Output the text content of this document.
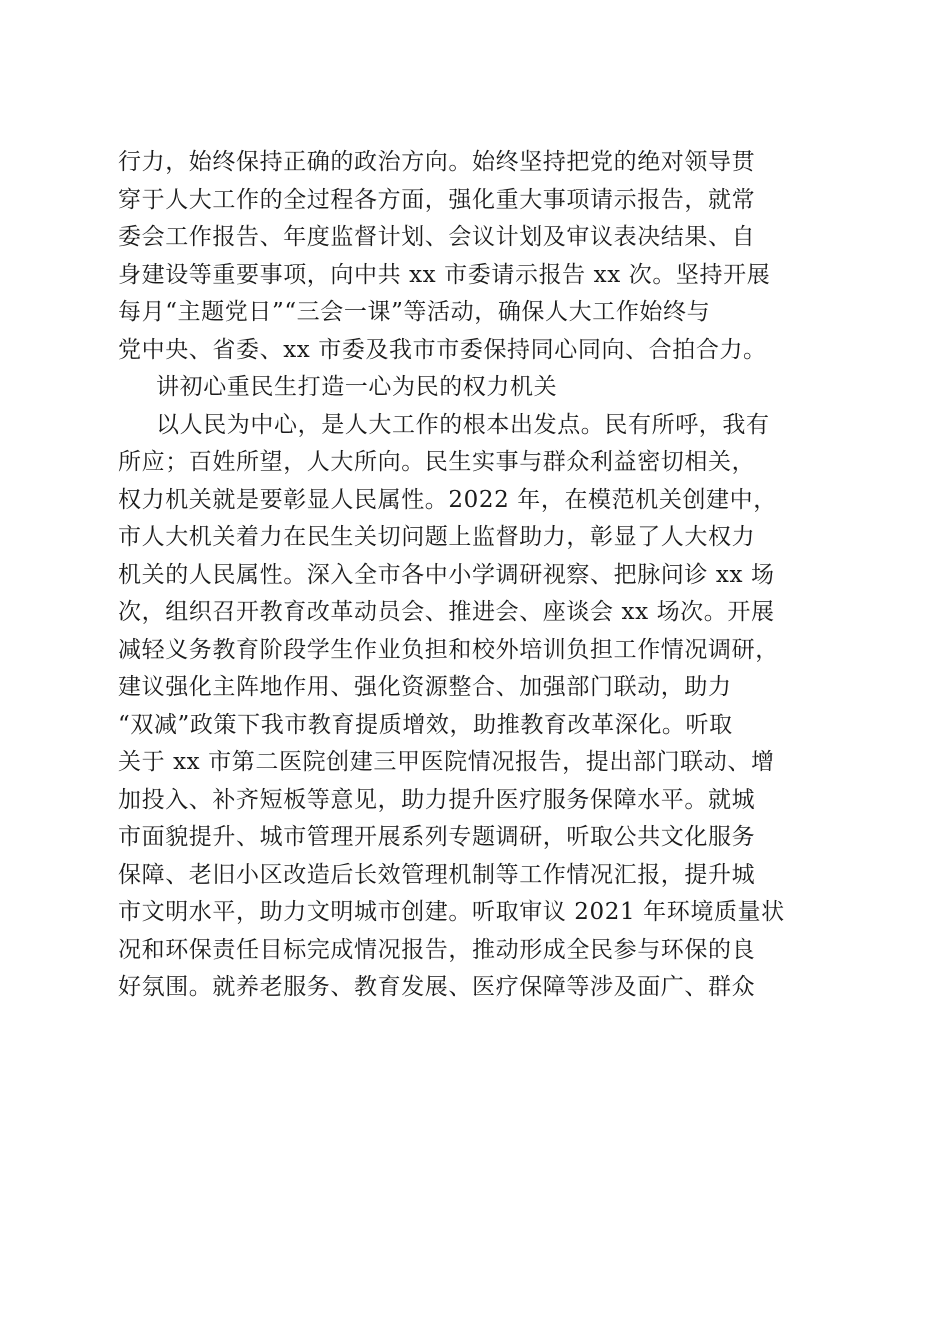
行力，始终保持正确的政治方向。始终坚持把党的绝对领导贯
穿于人大工作的全过程各方面，强化重大事项请示报告，就常
委会工作报告、年度监督计划、会议计划及审议表决结果、自
身建设等重要事项，向中共 xx 市委请示报告 xx 次。坚持开展
每月“主题党日”“三会一课”等活动，确保人大工作始终与
党中央、省委、xx 市委及我市市委保持同心同向、合拍合力。
讲初心重民生打造一心为民的权力机关
以人民为中心，是人大工作的根本出发点。民有所呼，我有
所应；百姓所望，人大所向。民生实事与群众利益密切相关，
权力机关就是要彰显人民属性。2022 年，在模范机关创建中，
市人大机关着力在民生关切问题上监督助力，彰显了人大权力
机关的人民属性。深入全市各中小学调研视察、把脉问诊 xx 场
次，组织召开教育改革动员会、推进会、座谈会 xx 场次。开展
减轻义务教育阶段学生作业负担和校外培训负担工作情况调研，
建议强化主阵地作用、强化资源整合、加强部门联动，助力
“双减”政策下我市教育提质增效，助推教育改革深化。听取
关于 xx 市第二医院创建三甲医院情况报告，提出部门联动、增
加投入、补齐短板等意见，助力提升医疗服务保障水平。就城
市面貌提升、城市管理开展系列专题调研，听取公共文化服务
保障、老旧小区改造后长效管理机制等工作情况汇报，提升城
市文明水平，助力文明城市创建。听取审议 2021 年环境质量状
况和环保责任目标完成情况报告，推动形成全民参与环保的良
好氛围。就养老服务、教育发展、医疗保障等涉及面广、群众
